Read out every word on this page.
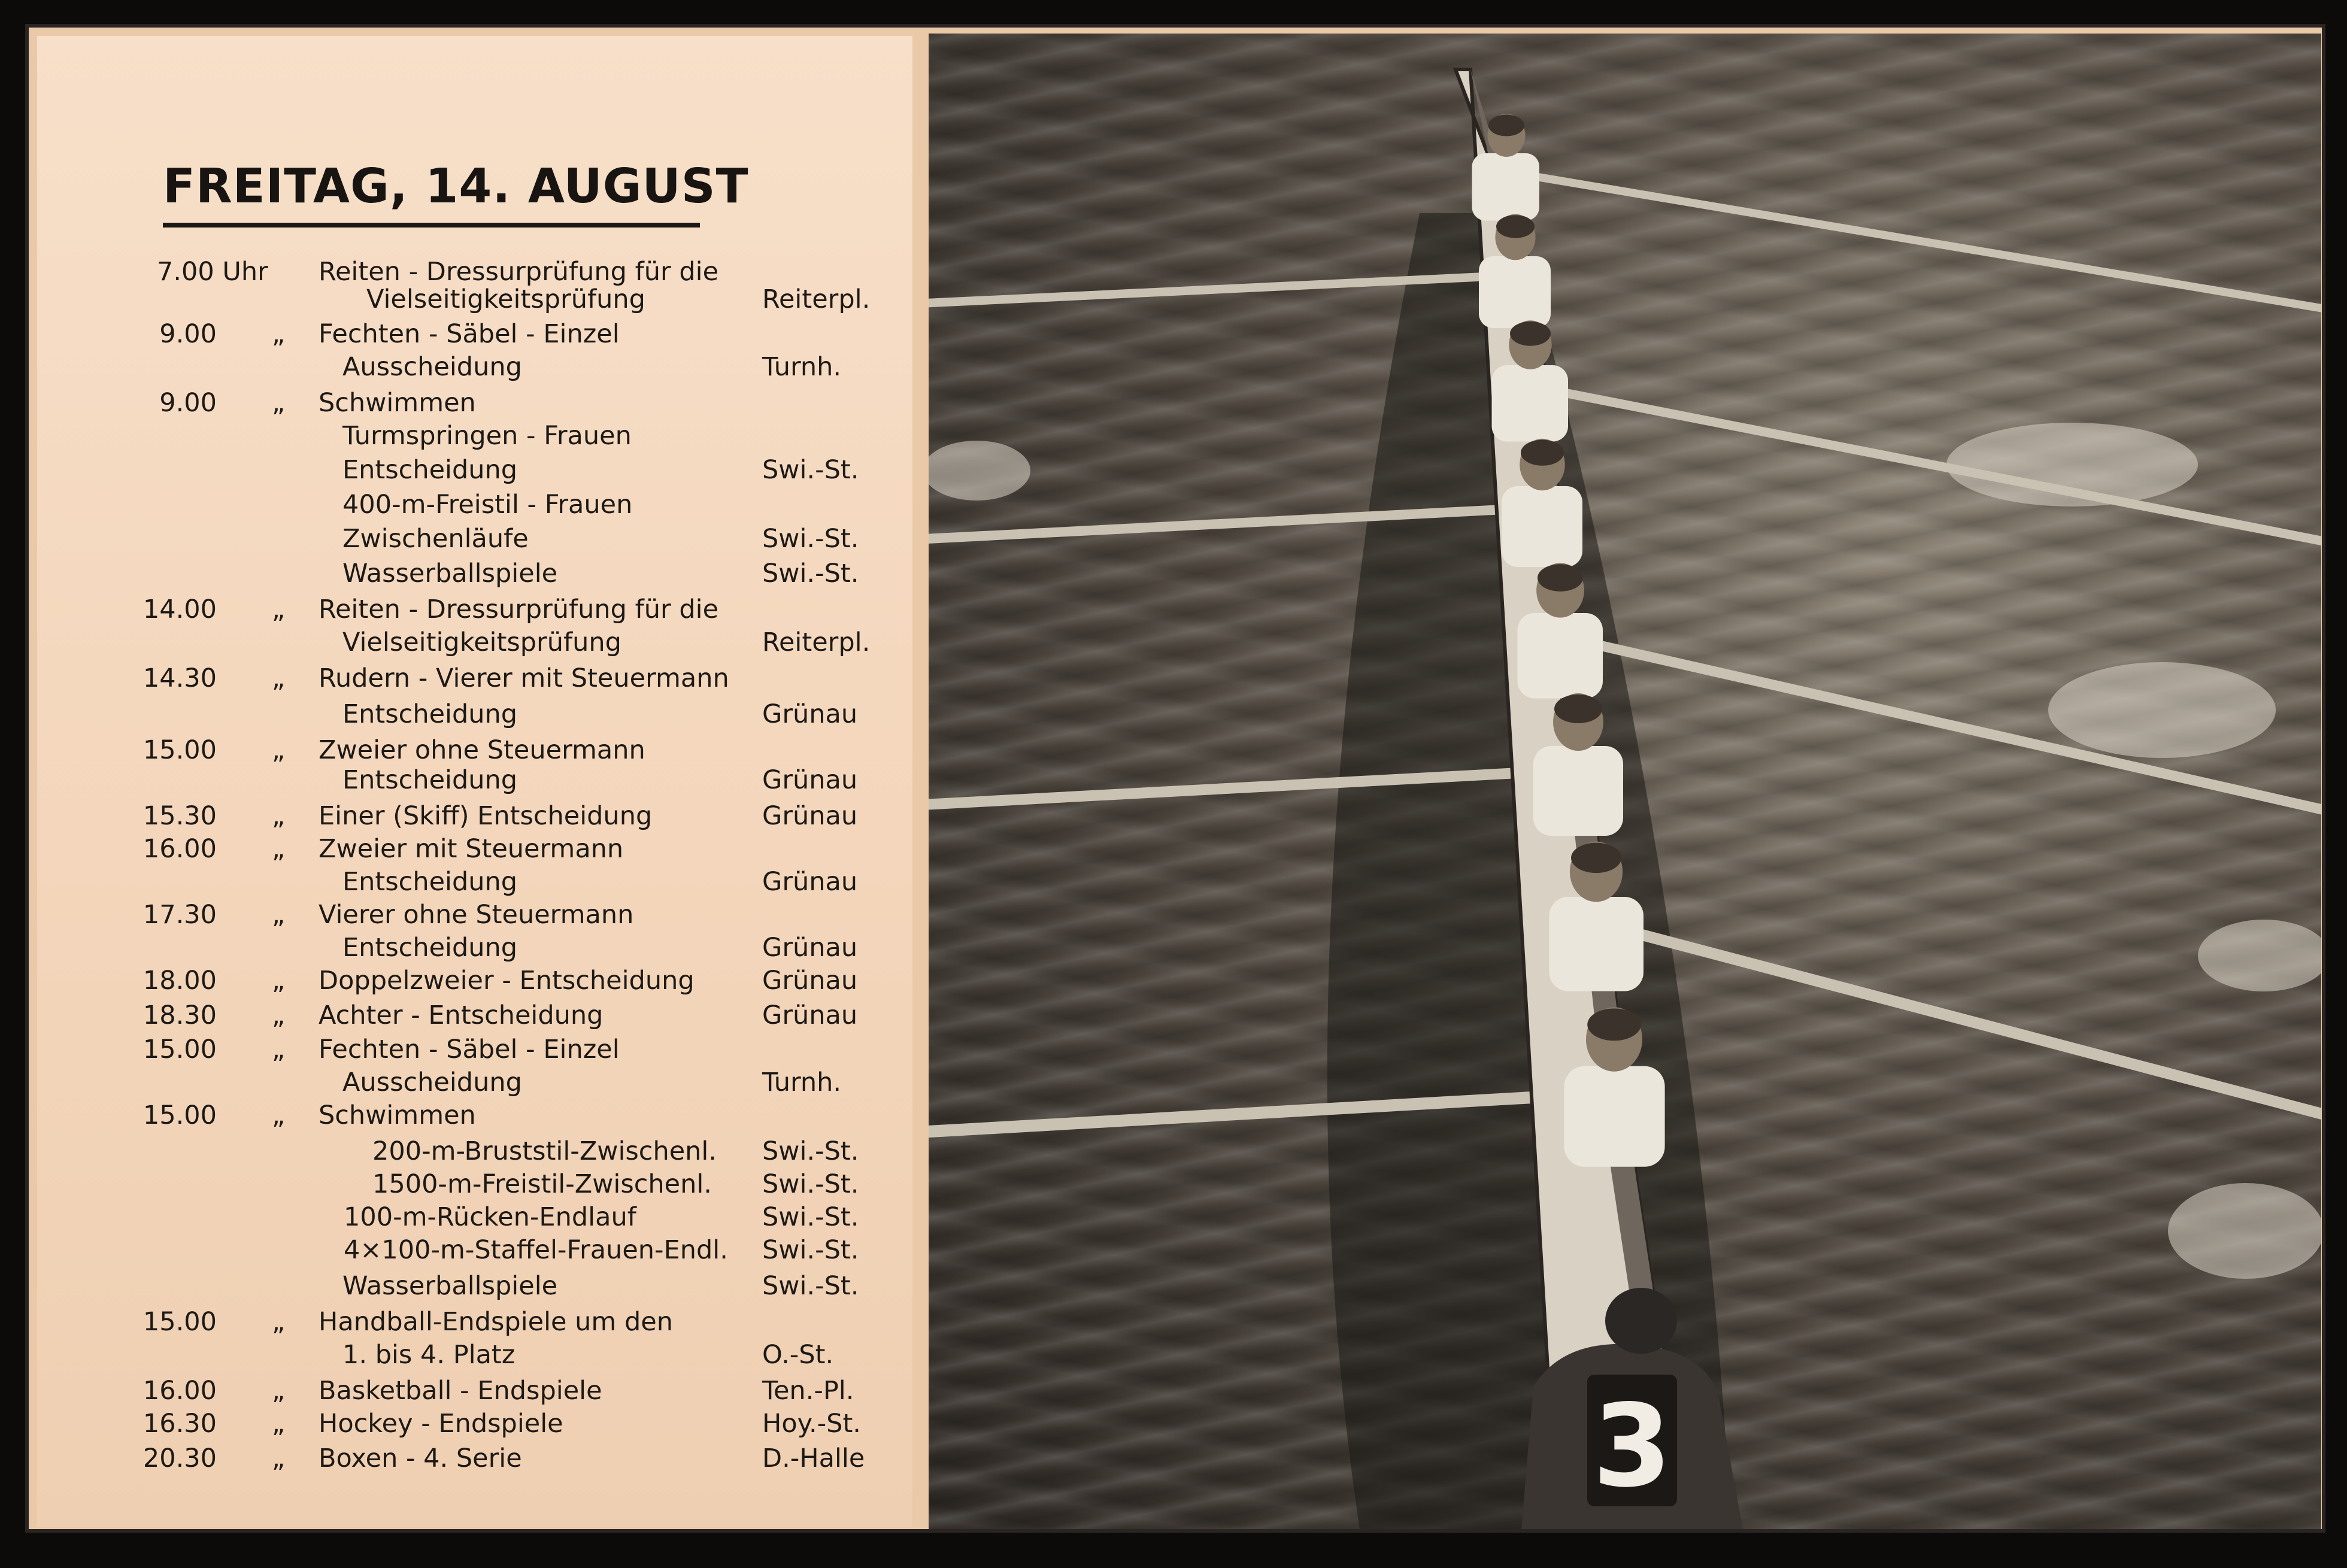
FREITAG, 14. AUGUST
7.00 Uhr	Reiten - Dressurprüfung für die
Vielseitigkeitsprüfung	Reiterpl.
9.00 „	Fechten - Säbel - Einzel
Ausscheidung	Turnh.
9.00 „	Schwimmen
Turmspringen - Frauen
Entscheidung	Swi.-St.
400-m-Freistil - Frauen
Zwischenläufe	Swi.-St.
Wasserballspiele	Swi.-St.
14.00 „	Reiten - Dressurprüfung für die
Vielseitigkeitsprüfung	Reiterpl.
14.30 „	Rudern - Vierer mit Steuermann
Entscheidung	Grünau
15.00 „	Zweier ohne Steuermann
Entscheidung	Grünau
15.30 „	Einer (Skiff) Entscheidung	Grünau
16.00 „	Zweier mit Steuermann
Entscheidung	Grünau
17.30 „	Vierer ohne Steuermann
Entscheidung	Grünau
18.00 „	Doppelzweier - Entscheidung	Grünau
18.30 „	Achter - Entscheidung	Grünau
15.00 „	Fechten - Säbel - Einzel
Ausscheidung	Turnh.
15.00 „	Schwimmen
200-m-Bruststil-Zwischenl. Swi.-St.
1500-m-Freistil-Zwischenl. Swi.-St.
100-m-Rücken-Endlauf	Swi.-St.
4×100-m-Staffel-Frauen-Endl. Swi.-St.
Wasserballspiele	Swi.-St.
15.00 „	Handball-Endspiele um den
1. bis 4. Platz	O.-St.
16.00 „	Basketball - Endspiele	Ten.-Pl.
16.30 „	Hockey - Endspiele	Hoy.-St.
20.30 „	Boxen - 4. Serie	D.-Halle	3
